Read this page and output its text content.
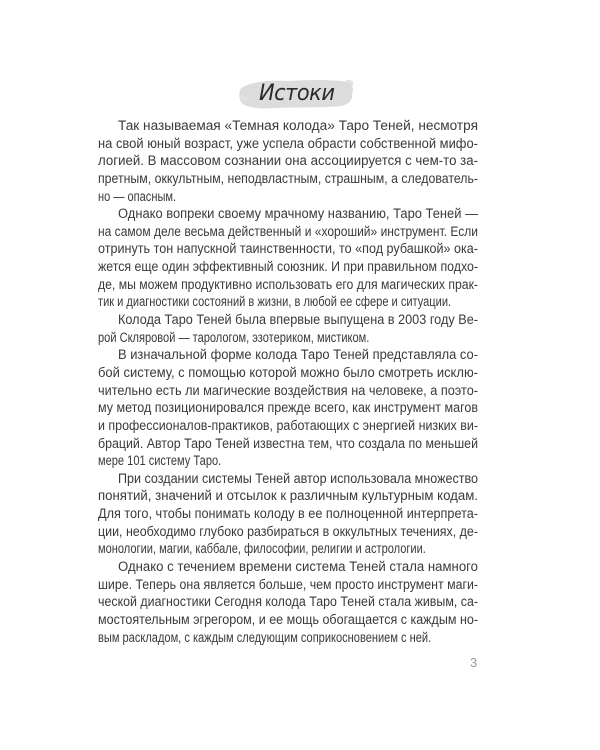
Истоки
Так называемая «Темная колода» Таро Теней, несмотря
на свой юный возраст, уже успела обрасти собственной мифо-
логией. В массовом сознании она ассоциируется с чем-то за-
претным, оккультным, неподвластным, страшным, а следователь-
но — опасным.
Однако вопреки своему мрачному названию, Таро Теней —
на самом деле весьма действенный и «хороший» инструмент. Если
отринуть тон напускной таинственности, то «под рубашкой» ока-
жется еще один эффективный союзник. И при правильном подхо-
де, мы можем продуктивно использовать его для магических прак-
тик и диагностики состояний в жизни, в любой ее сфере и ситуации.
Колода Таро Теней была впервые выпущена в 2003 году Ве-
рой Скляровой — тарологом, эзотериком, мистиком.
В изначальной форме колода Таро Теней представляла со-
бой систему, с помощью которой можно было смотреть исклю-
чительно есть ли магические воздействия на человеке, а поэто-
му метод позиционировался прежде всего, как инструмент магов
и профессионалов-практиков, работающих с энергией низких ви-
браций. Автор Таро Теней известна тем, что создала по меньшей
мере 101 систему Таро.
При создании системы Теней автор использовала множество
понятий, значений и отсылок к различным культурным кодам.
Для того, чтобы понимать колоду в ее полноценной интерпрета-
ции, необходимо глубоко разбираться в оккультных течениях, де-
монологии, магии, каббале, философии, религии и астрологии.
Однако с течением времени система Теней стала намного
шире. Теперь она является больше, чем просто инструмент маги-
ческой диагностики Сегодня колода Таро Теней стала живым, са-
мостоятельным эгрегором, и ее мощь обогащается с каждым но-
вым раскладом, с каждым следующим соприкосновением с ней.
3
